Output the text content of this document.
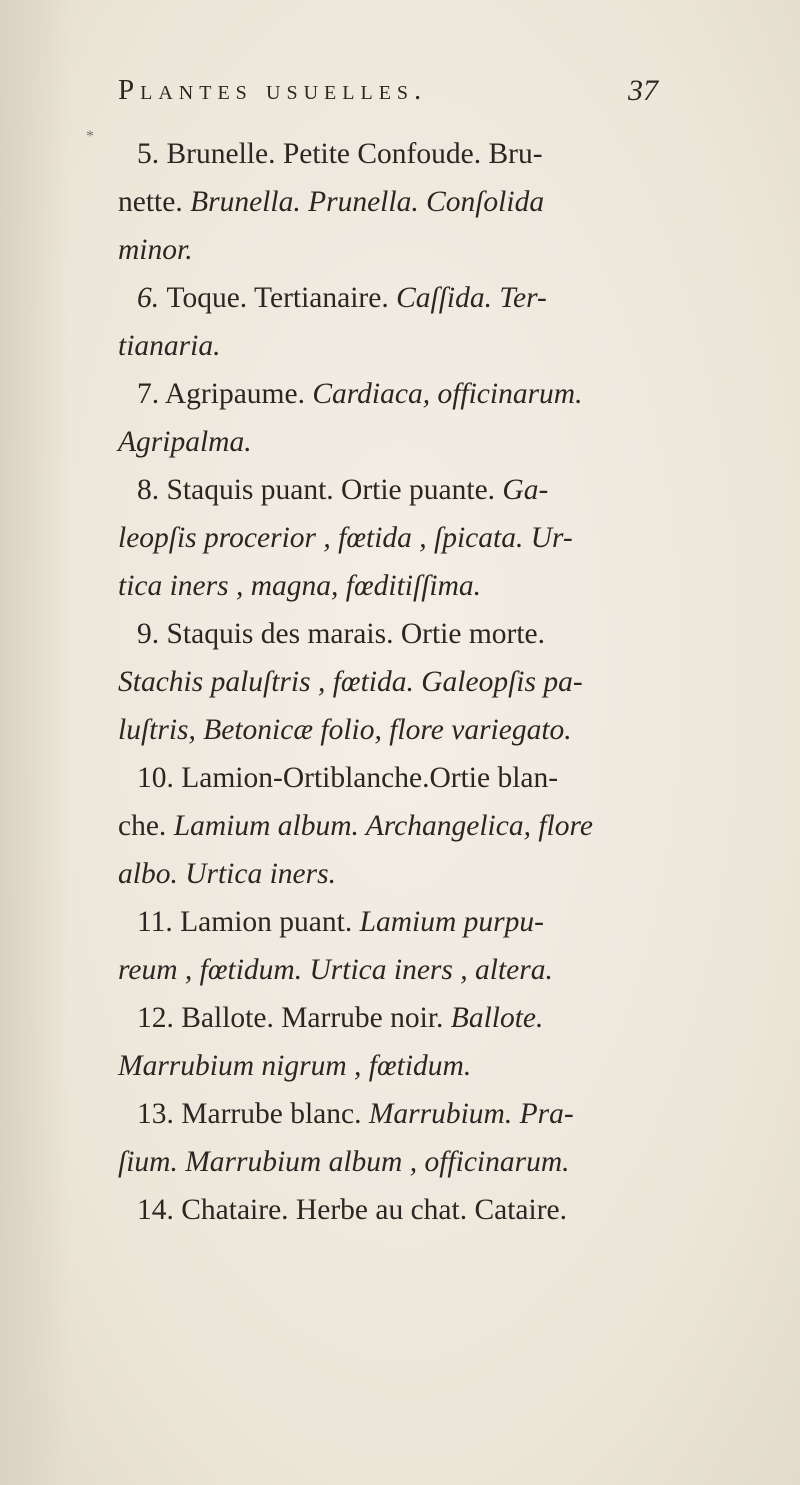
Plantes usuelles.	37
*
5. Brunelle. Petite Confoude. Bru-
nette. Brunella. Prunella. Conſolida
minor.
6. Toque. Tertianaire. Caſſida. Ter-
tianaria.
7. Agripaume. Cardiaca, officinarum.
Agripalma.
8. Staquis puant. Ortie puante. Ga-
leopſis procerior , fœtida , ſpicata. Ur-
tica iners , magna, fœditiſſima.
9. Staquis des marais. Ortie morte.
Stachis paluſtris , fœtida. Galeopſis pa-
luſtris, Betonicæ folio, flore variegato.
10. Lamion-Ortiblanche.Ortie blan-
che. Lamium album. Archangelica, flore
albo. Urtica iners.
11. Lamion puant. Lamium purpu-
reum , fœtidum. Urtica iners , altera.
12. Ballote. Marrube noir. Ballote.
Marrubium nigrum , fœtidum.
13. Marrube blanc. Marrubium. Pra-
ſium. Marrubium album , officinarum.
14. Chataire. Herbe au chat. Cataire.
